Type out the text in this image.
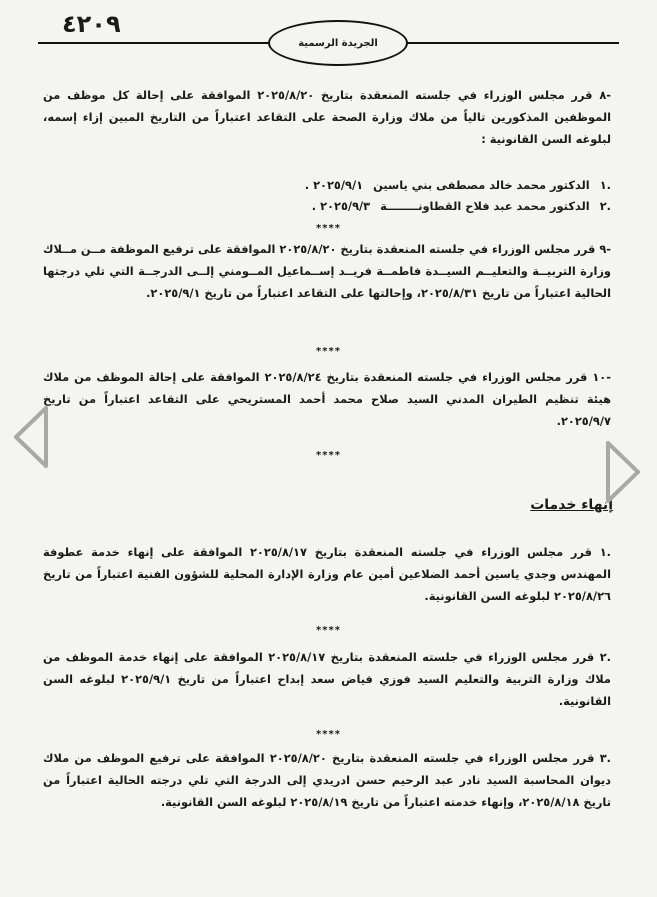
٤٢٠٩
الجريدة الرسمية
-٨ قرر مجلس الوزراء في جلسته المنعقدة بتاريخ ٢٠٢٥/٨/٢٠ الموافقة على إحالة كل موظف من الموظفين المذكورين تالياً من ملاك وزارة الصحة على التقاعد اعتباراً من التاريخ المبين إزاء إسمه، لبلوغه السن القانونية :
.١
الدكتور محمد خالد مصطفى بني ياسين
٢٠٢٥/٩/١ .
.٢
الدكتور محمد عبد فلاح القطاونــــــــة
٢٠٢٥/٩/٣ .
****
-٩ قرر مجلس الوزراء في جلسته المنعقدة بتاريخ ٢٠٢٥/٨/٢٠ الموافقة على ترفيع الموظفة مــن مــلاك وزارة التربيــة والتعليــم السيــدة فاطمــة فريــد إســماعيل المــومني إلــى الدرجــة التي تلي درجتها الحالية اعتباراً من تاريخ ٢٠٢٥/٨/٣١، وإحالتها على التقاعد اعتباراً من تاريخ ٢٠٢٥/٩/١.
****
-١٠ قرر مجلس الوزراء في جلسته المنعقدة بتاريخ ٢٠٢٥/٨/٢٤ الموافقة على إحالة الموظف من ملاك هيئة تنظيم الطيران المدني السيد صلاح محمد أحمد المستريحي على التقاعد اعتباراً من تاريخ ٢٠٢٥/٩/٧.
****
إنهاء خدمات
.١ قرر مجلس الوزراء في جلسته المنعقدة بتاريخ ٢٠٢٥/٨/١٧ الموافقة على إنهاء خدمة عطوفة المهندس وجدي ياسين أحمد الضلاعين أمين عام وزارة الإدارة المحلية للشؤون الفنية اعتباراً من تاريخ ٢٠٢٥/٨/٢٦ لبلوغه السن القانونية.
****
.٢ قرر مجلس الوزراء في جلسته المنعقدة بتاريخ ٢٠٢٥/٨/١٧ الموافقة على إنهاء خدمة الموظف من ملاك وزارة التربية والتعليم السيد فوزي فياض سعد إبداح اعتباراً من تاريخ ٢٠٢٥/٩/١ لبلوغه السن القانونية.
****
.٣ قرر مجلس الوزراء في جلسته المنعقدة بتاريخ ٢٠٢٥/٨/٢٠ الموافقة على ترفيع الموظف من ملاك ديوان المحاسبة السيد نادر عبد الرحيم حسن ادريدي إلى الدرجة التي تلي درجته الحالية اعتباراً من تاريخ ٢٠٢٥/٨/١٨، وإنهاء خدمته اعتباراً من تاريخ ٢٠٢٥/٨/١٩ لبلوغه السن القانونية.
